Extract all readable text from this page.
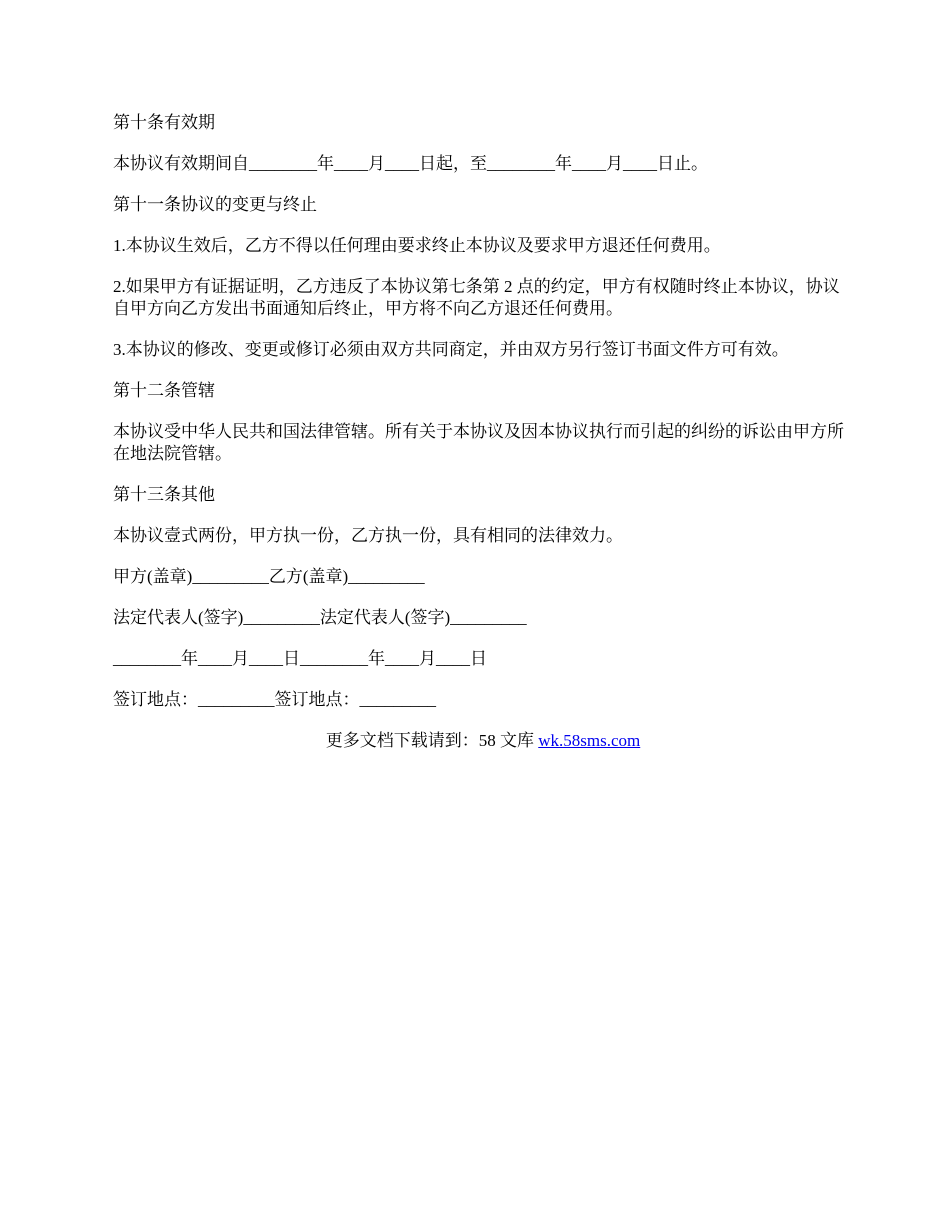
第十条有效期

本协议有效期间自________年____月____日起，至________年____月____日止。

第十一条协议的变更与终止

1.本协议生效后，乙方不得以任何理由要求终止本协议及要求甲方退还任何费用。

2.如果甲方有证据证明，乙方违反了本协议第七条第 2 点的约定，甲方有权随时终止本协议，协议自甲方向乙方发出书面通知后终止，甲方将不向乙方退还任何费用。

3.本协议的修改、变更或修订必须由双方共同商定，并由双方另行签订书面文件方可有效。

第十二条管辖

本协议受中华人民共和国法律管辖。所有关于本协议及因本协议执行而引起的纠纷的诉讼由甲方所在地法院管辖。

第十三条其他

本协议壹式两份，甲方执一份，乙方执一份，具有相同的法律效力。

甲方(盖章)_________乙方(盖章)_________

法定代表人(签字)_________法定代表人(签字)_________

________年____月____日________年____月____日

签订地点：_________签订地点：_________

更多文档下载请到：58 文库 wk.58sms.com
